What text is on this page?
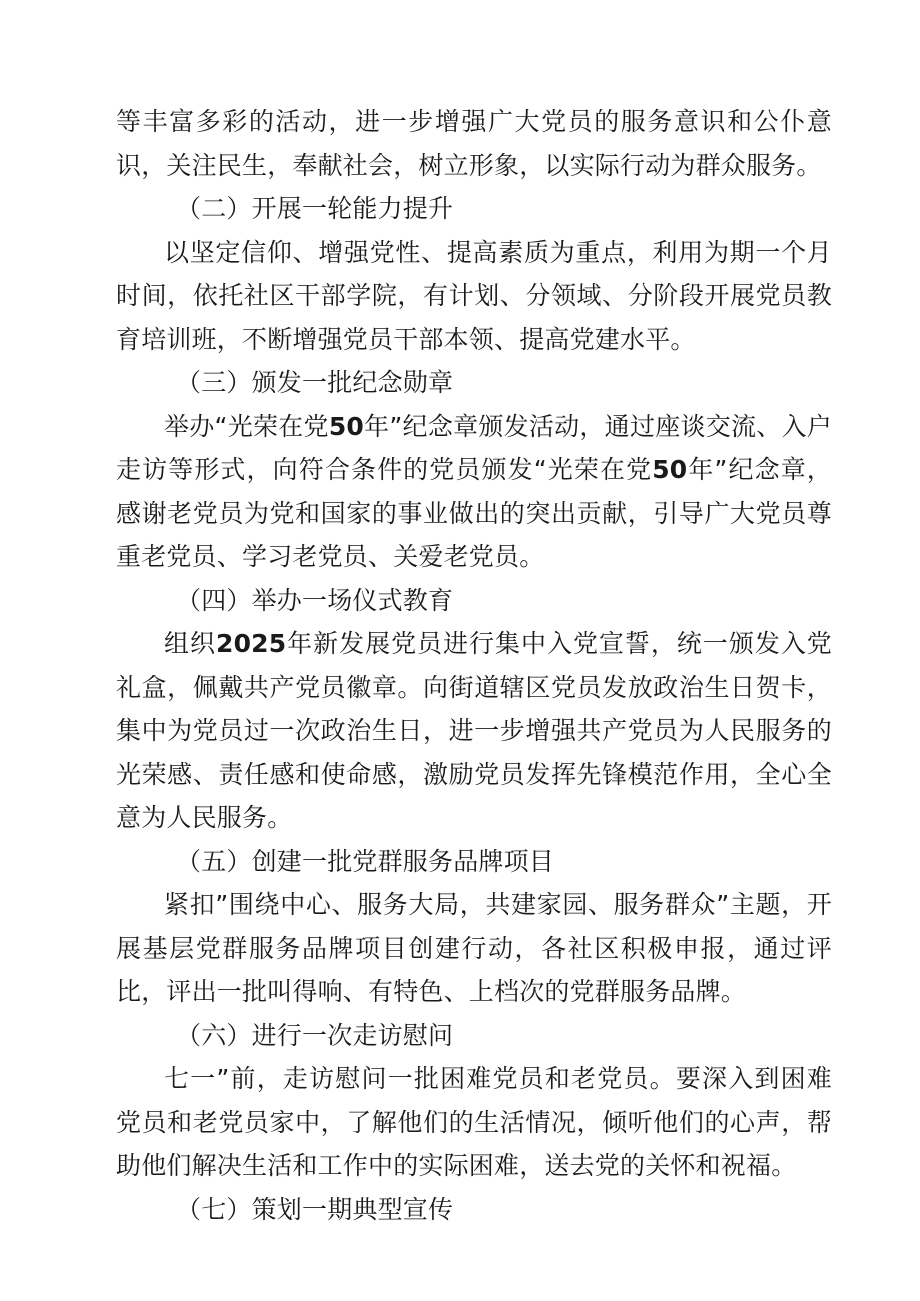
等丰富多彩的活动，进一步增强广大党员的服务意识和公仆意识，关注民生，奉献社会，树立形象，以实际行动为群众服务。

（二）开展一轮能力提升

以坚定信仰、增强党性、提高素质为重点，利用为期一个月时间，依托社区干部学院，有计划、分领域、分阶段开展党员教育培训班，不断增强党员干部本领、提高党建水平。

（三）颁发一批纪念勋章

举办“光荣在党50年”纪念章颁发活动，通过座谈交流、入户走访等形式，向符合条件的党员颁发“光荣在党50年”纪念章，感谢老党员为党和国家的事业做出的突出贡献，引导广大党员尊重老党员、学习老党员、关爱老党员。

（四）举办一场仪式教育

组织2025年新发展党员进行集中入党宣誓，统一颁发入党礼盒，佩戴共产党员徽章。向街道辖区党员发放政治生日贺卡，集中为党员过一次政治生日，进一步增强共产党员为人民服务的光荣感、责任感和使命感，激励党员发挥先锋模范作用，全心全意为人民服务。

（五）创建一批党群服务品牌项目

紧扣”围绕中心、服务大局，共建家园、服务群众”主题，开展基层党群服务品牌项目创建行动，各社区积极申报，通过评比，评出一批叫得响、有特色、上档次的党群服务品牌。

（六）进行一次走访慰问

七一”前，走访慰问一批困难党员和老党员。要深入到困难党员和老党员家中，了解他们的生活情况，倾听他们的心声，帮助他们解决生活和工作中的实际困难，送去党的关怀和祝福。

（七）策划一期典型宣传
